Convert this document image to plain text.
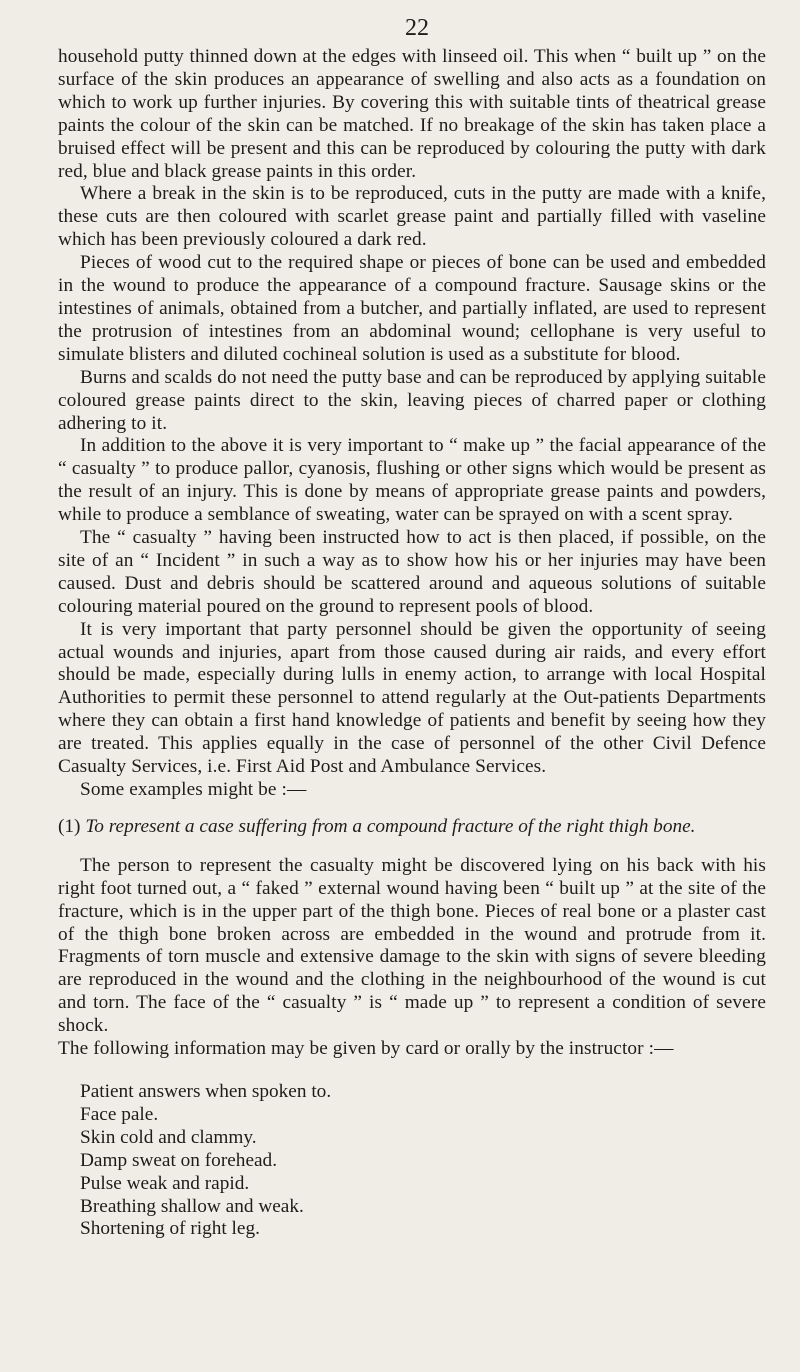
22

household putty thinned down at the edges with linseed oil. This when “ built up ” on the surface of the skin produces an appearance of swelling and also acts as a foundation on which to work up further injuries. By covering this with suitable tints of theatrical grease paints the colour of the skin can be matched. If no breakage of the skin has taken place a bruised effect will be present and this can be reproduced by colouring the putty with dark red, blue and black grease paints in this order.

Where a break in the skin is to be reproduced, cuts in the putty are made with a knife, these cuts are then coloured with scarlet grease paint and partially filled with vaseline which has been previously coloured a dark red.

Pieces of wood cut to the required shape or pieces of bone can be used and embedded in the wound to produce the appearance of a compound fracture. Sausage skins or the intestines of animals, obtained from a butcher, and partially inflated, are used to represent the protrusion of intestines from an abdominal wound; cellophane is very useful to simulate blisters and diluted cochineal solution is used as a substitute for blood.

Burns and scalds do not need the putty base and can be reproduced by applying suitable coloured grease paints direct to the skin, leaving pieces of charred paper or clothing adhering to it.

In addition to the above it is very important to “ make up ” the facial appearance of the “ casualty ” to produce pallor, cyanosis, flushing or other signs which would be present as the result of an injury. This is done by means of appropriate grease paints and powders, while to produce a semblance of sweating, water can be sprayed on with a scent spray.

The “ casualty ” having been instructed how to act is then placed, if possible, on the site of an “ Incident ” in such a way as to show how his or her injuries may have been caused. Dust and debris should be scattered around and aqueous solutions of suitable colouring material poured on the ground to represent pools of blood.

It is very important that party personnel should be given the opportunity of seeing actual wounds and injuries, apart from those caused during air raids, and every effort should be made, especially during lulls in enemy action, to arrange with local Hospital Authorities to permit these personnel to attend regularly at the Out-patients Departments where they can obtain a first hand knowledge of patients and benefit by seeing how they are treated. This applies equally in the case of personnel of the other Civil Defence Casualty Services, i.e. First Aid Post and Ambulance Services.

Some examples might be :—

(1) To represent a case suffering from a compound fracture of the right thigh bone.

The person to represent the casualty might be discovered lying on his back with his right foot turned out, a “ faked ” external wound having been “ built up ” at the site of the fracture, which is in the upper part of the thigh bone. Pieces of real bone or a plaster cast of the thigh bone broken across are embedded in the wound and protrude from it. Fragments of torn muscle and extensive damage to the skin with signs of severe bleeding are reproduced in the wound and the clothing in the neighbourhood of the wound is cut and torn. The face of the “ casualty ” is “ made up ” to represent a condition of severe shock.

The following information may be given by card or orally by the instructor :—

Patient answers when spoken to.
Face pale.
Skin cold and clammy.
Damp sweat on forehead.
Pulse weak and rapid.
Breathing shallow and weak.
Shortening of right leg.
